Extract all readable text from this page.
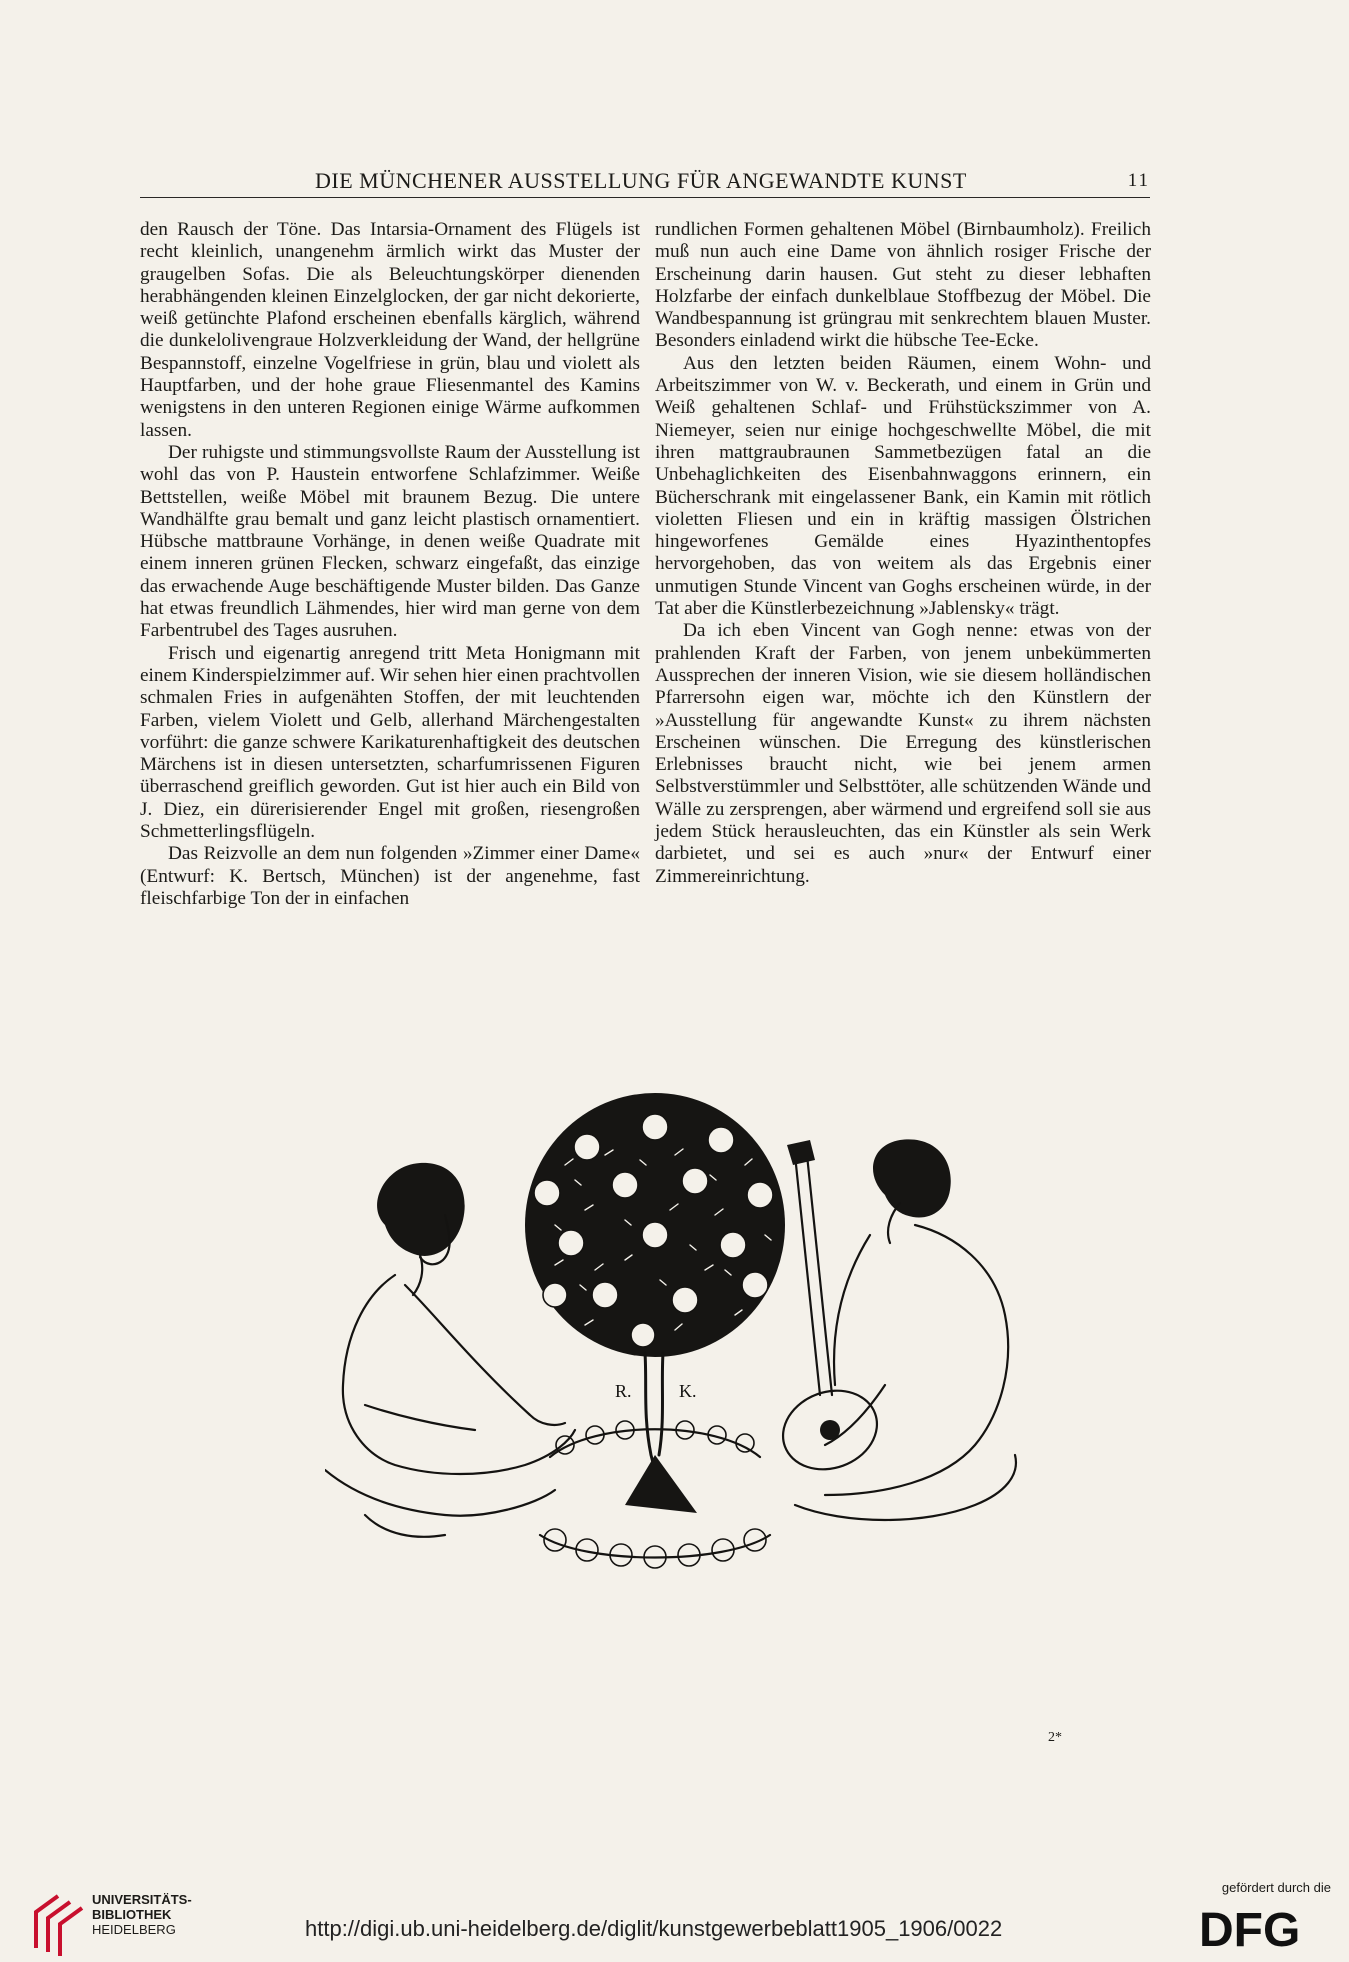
DIE MÜNCHENER AUSSTELLUNG FÜR ANGEWANDTE KUNST	11

den Rausch der Töne. Das Intarsia-Ornament des Flügels ist recht kleinlich, unangenehm ärmlich wirkt das Muster der graugelben Sofas. Die als Beleuchtungskörper dienenden herabhängenden kleinen Einzelglocken, der gar nicht dekorierte, weiß getünchte Plafond erscheinen ebenfalls kärglich, während die dunkelolivengraue Holzverkleidung der Wand, der hellgrüne Bespannstoff, einzelne Vogelfriese in grün, blau und violett als Hauptfarben, und der hohe graue Fliesenmantel des Kamins wenigstens in den unteren Regionen einige Wärme aufkommen lassen.

Der ruhigste und stimmungsvollste Raum der Ausstellung ist wohl das von P. Haustein entworfene Schlafzimmer. Weiße Bettstellen, weiße Möbel mit braunem Bezug. Die untere Wandhälfte grau bemalt und ganz leicht plastisch ornamentiert. Hübsche mattbraune Vorhänge, in denen weiße Quadrate mit einem inneren grünen Flecken, schwarz eingefaßt, das einzige das erwachende Auge beschäftigende Muster bilden. Das Ganze hat etwas freundlich Lähmendes, hier wird man gerne von dem Farbentrubel des Tages ausruhen.

Frisch und eigenartig anregend tritt Meta Honigmann mit einem Kinderspielzimmer auf. Wir sehen hier einen prachtvollen schmalen Fries in aufgenähten Stoffen, der mit leuchtenden Farben, vielem Violett und Gelb, allerhand Märchengestalten vorführt: die ganze schwere Karikaturenhaftigkeit des deutschen Märchens ist in diesen untersetzten, scharfumrissenen Figuren überraschend greiflich geworden. Gut ist hier auch ein Bild von J. Diez, ein dürerisierender Engel mit großen, riesengroßen Schmetterlingsflügeln.

Das Reizvolle an dem nun folgenden »Zimmer einer Dame« (Entwurf: K. Bertsch, München) ist der angenehme, fast fleischfarbige Ton der in einfachen

rundlichen Formen gehaltenen Möbel (Birnbaumholz). Freilich muß nun auch eine Dame von ähnlich rosiger Frische der Erscheinung darin hausen. Gut steht zu dieser lebhaften Holzfarbe der einfach dunkelblaue Stoffbezug der Möbel. Die Wandbespannung ist grüngrau mit senkrechtem blauen Muster. Besonders einladend wirkt die hübsche Tee-Ecke.

Aus den letzten beiden Räumen, einem Wohn- und Arbeitszimmer von W. v. Beckerath, und einem in Grün und Weiß gehaltenen Schlaf- und Frühstückszimmer von A. Niemeyer, seien nur einige hochgeschwellte Möbel, die mit ihren mattgraubraunen Sammetbezügen fatal an die Unbehaglichkeiten des Eisenbahnwaggons erinnern, ein Bücherschrank mit eingelassener Bank, ein Kamin mit rötlich violetten Fliesen und ein in kräftig massigen Ölstrichen hingeworfenes Gemälde eines Hyazinthentopfes hervorgehoben, das von weitem als das Ergebnis einer unmutigen Stunde Vincent van Goghs erscheinen würde, in der Tat aber die Künstlerbezeichnung »Jablensky« trägt.

Da ich eben Vincent van Gogh nenne: etwas von der prahlenden Kraft der Farben, von jenem unbekümmerten Aussprechen der inneren Vision, wie sie diesem holländischen Pfarrersohn eigen war, möchte ich den Künstlern der »Ausstellung für angewandte Kunst« zu ihrem nächsten Erscheinen wünschen. Die Erregung des künstlerischen Erlebnisses braucht nicht, wie bei jenem armen Selbstverstümmler und Selbsttöter, alle schützenden Wände und Wälle zu zersprengen, aber wärmend und ergreifend soll sie aus jedem Stück herausleuchten, das ein Künstler als sein Werk darbietet, und sei es auch »nur« der Entwurf einer Zimmereinrichtung.

R.	K.
2*
UNIVERSITÄTS-
BIBLIOTHEK
HEIDELBERG	http://digi.ub.uni-heidelberg.de/diglit/kunstgewerbeblatt1905_1906/0022
gefördert durch die
DFG
